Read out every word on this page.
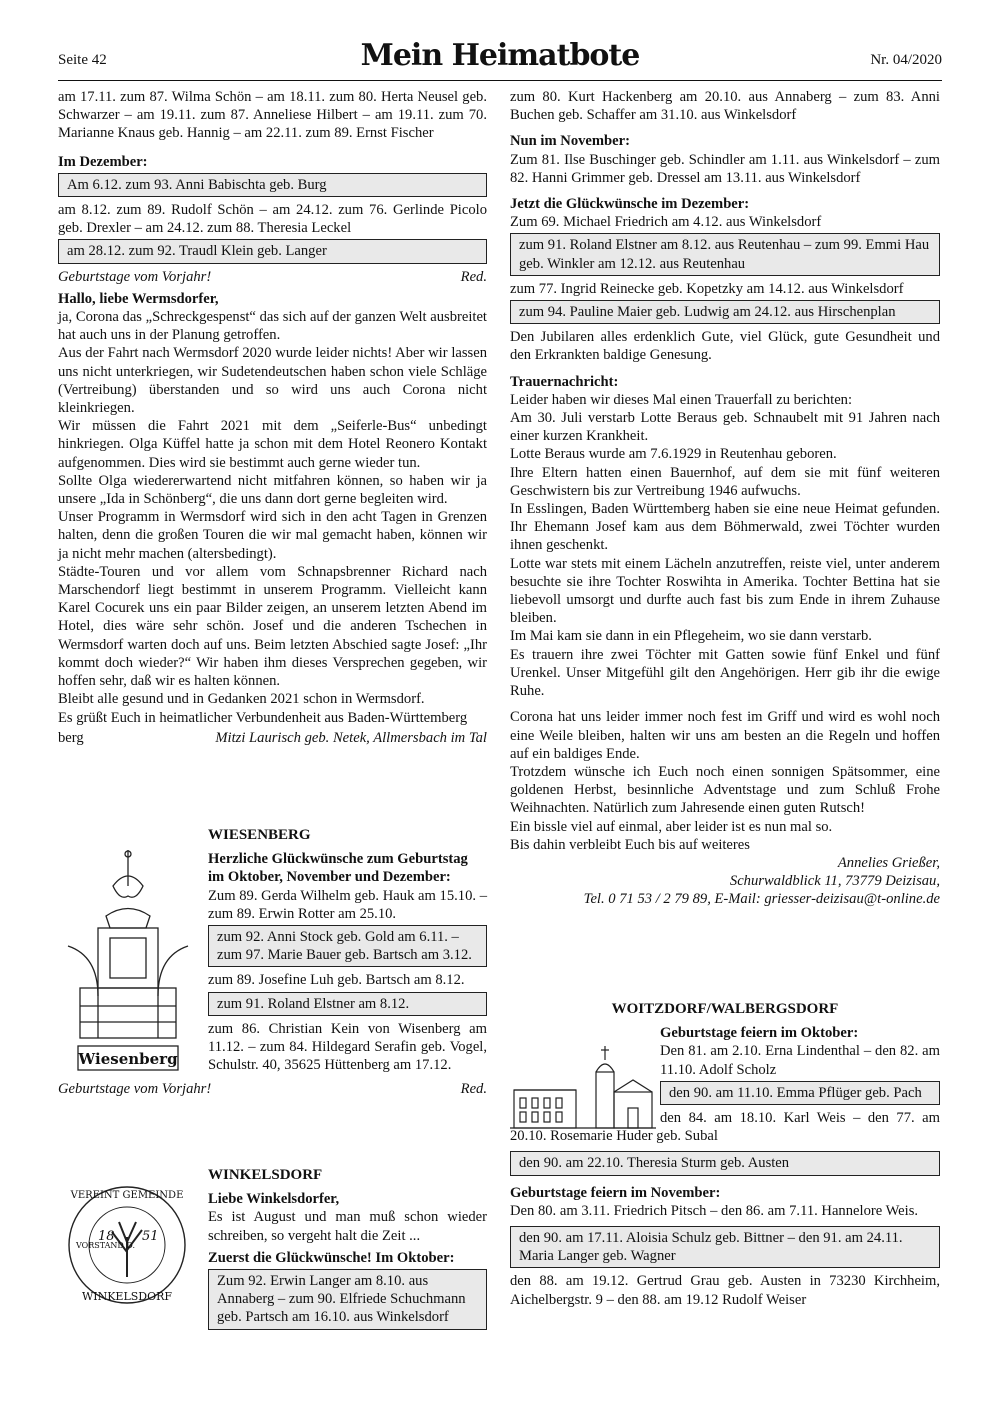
Seite 42	Mein Heimatbote	Nr. 04/2020

am 17.11. zum 87. Wilma Schön – am 18.11. zum 80. Herta Neusel geb. Schwarzer – am 19.11. zum 87. Anneliese Hilbert – am 19.11. zum 70. Marianne Knaus geb. Hannig – am 22.11. zum 89. Ernst Fischer

Im Dezember:

Am 6.12. zum 93. Anni Babischta geb. Burg

am 8.12. zum 89. Rudolf Schön – am 24.12. zum 76. Gerlinde Picolo geb. Drexler – am 24.12. zum 88. Theresia Leckel

am 28.12. zum 92. Traudl Klein geb. Langer
Geburtstage vom Vorjahr!	Red.

Hallo, liebe Wermsdorfer,

ja, Corona das „Schreckgespenst“ das sich auf der ganzen Welt ausbreitet hat auch uns in der Planung getroffen.

Aus der Fahrt nach Wermsdorf 2020 wurde leider nichts! Aber wir lassen uns nicht unterkriegen, wir Sudetendeutschen haben schon viele Schläge (Vertreibung) überstanden und so wird uns auch Corona nicht kleinkriegen.

Wir müssen die Fahrt 2021 mit dem „Seiferle-Bus“ unbedingt hinkriegen. Olga Küffel hatte ja schon mit dem Hotel Reonero Kontakt aufgenommen. Dies wird sie bestimmt auch gerne wieder tun.

Sollte Olga wiedererwartend nicht mitfahren können, so haben wir ja unsere „Ida in Schönberg“, die uns dann dort gerne begleiten wird.

Unser Programm in Wermsdorf wird sich in den acht Tagen in Grenzen halten, denn die großen Touren die wir mal gemacht haben, können wir ja nicht mehr machen (altersbedingt).

Städte-Touren und vor allem vom Schnapsbrenner Richard nach Marschendorf liegt bestimmt in unserem Programm. Vielleicht kann Karel Cocurek uns ein paar Bilder zeigen, an unserem letzten Abend im Hotel, dies wäre sehr schön. Josef und die anderen Tschechen in Wermsdorf warten doch auf uns. Beim letzten Abschied sagte Josef: „Ihr kommt doch wieder?“ Wir haben ihm dieses Versprechen gegeben, wir hoffen sehr, daß wir es halten können.

Bleibt alle gesund und in Gedanken 2021 schon in Wermsdorf.

Es grüßt Euch in heimatlicher Verbundenheit aus Baden-Württemberg

berg	Mitzi Laurisch geb. Netek, Allmersbach im Tal
Wiesenberg

WIESENBERG

Herzliche Glückwünsche zum Geburtstag im Oktober, November und Dezember:

Zum 89. Gerda Wilhelm geb. Hauk am 15.10. – zum 89. Erwin Rotter am 25.10.

zum 92. Anni Stock geb. Gold am 6.11. – zum 97. Marie Bauer geb. Bartsch am 3.12.

zum 89. Josefine Luh geb. Bartsch am 8.12.

zum 91. Roland Elstner am 8.12.

zum 86. Christian Kein von Wisenberg am 11.12. – zum 84. Hildegard Serafin geb. Vogel, Schulstr. 40, 35625 Hüttenberg am 17.12.

Geburtstage vom Vorjahr!	Red.
VEREINT GEMEINDE
WINKELSDORF
VORSTAND D.
18 51

WINKELSDORF

Liebe Winkelsdorfer,

Es ist August und man muß schon wieder schreiben, so vergeht halt die Zeit ...

Zuerst die Glückwünsche! Im Oktober:

Zum 92. Erwin Langer am 8.10. aus Annaberg – zum 90. Elfriede Schuchmann geb. Partsch am 16.10. aus Winkelsdorf

zum 80. Kurt Hackenberg am 20.10. aus Annaberg – zum 83. Anni Buchen geb. Schaffer am 31.10. aus Winkelsdorf

Nun im November:

Zum 81. Ilse Buschinger geb. Schindler am 1.11. aus Winkelsdorf – zum 82. Hanni Grimmer geb. Dressel am 13.11. aus Winkelsdorf

Jetzt die Glückwünsche im Dezember:

Zum 69. Michael Friedrich am 4.12. aus Winkelsdorf

zum 91. Roland Elstner am 8.12. aus Reutenhau – zum 99. Emmi Hau geb. Winkler am 12.12. aus Reutenhau

zum 77. Ingrid Reinecke geb. Kopetzky am 14.12. aus Winkelsdorf

zum 94. Pauline Maier geb. Ludwig am 24.12. aus Hirschenplan

Den Jubilaren alles erdenklich Gute, viel Glück, gute Gesundheit und den Erkrankten baldige Genesung.

Trauernachricht:

Leider haben wir dieses Mal einen Trauerfall zu berichten:

Am 30. Juli verstarb Lotte Beraus geb. Schnaubelt mit 91 Jahren nach einer kurzen Krankheit.

Lotte Beraus wurde am 7.6.1929 in Reutenhau geboren.

Ihre Eltern hatten einen Bauernhof, auf dem sie mit fünf weiteren Geschwistern bis zur Vertreibung 1946 aufwuchs.

In Esslingen, Baden Württemberg haben sie eine neue Heimat gefunden. Ihr Ehemann Josef kam aus dem Böhmerwald, zwei Töchter wurden ihnen geschenkt.

Lotte war stets mit einem Lächeln anzutreffen, reiste viel, unter anderem besuchte sie ihre Tochter Roswihta in Amerika. Tochter Bettina hat sie liebevoll umsorgt und durfte auch fast bis zum Ende in ihrem Zuhause bleiben.

Im Mai kam sie dann in ein Pflegeheim, wo sie dann verstarb.

Es trauern ihre zwei Töchter mit Gatten sowie fünf Enkel und fünf Urenkel. Unser Mitgefühl gilt den Angehörigen. Herr gib ihr die ewige Ruhe.

Corona hat uns leider immer noch fest im Griff und wird es wohl noch eine Weile bleiben, halten wir uns am besten an die Regeln und hoffen auf ein baldiges Ende.

Trotzdem wünsche ich Euch noch einen sonnigen Spätsommer, eine goldenen Herbst, besinnliche Adventstage und zum Schluß Frohe Weihnachten. Natürlich zum Jahresende einen guten Rutsch!

Ein bissle viel auf einmal, aber leider ist es nun mal so.

Bis dahin verbleibt Euch bis auf weiteres

Annelies Grießer,

Schurwaldblick 11, 73779 Deizisau,

Tel. 0 71 53 / 2 79 89, E-Mail: griesser-deizisau@t-online.de

WOITZDORF/WALBERGSDORF

Geburtstage feiern im Oktober:

Den 81. am 2.10. Erna Lindenthal – den 82. am 11.10. Adolf Scholz

den 90. am 11.10. Emma Pflüger geb. Pach

den 84. am 18.10. Karl Weis – den 77. am 20.10. Rosemarie Huder geb. Subal

den 90. am 22.10. Theresia Sturm geb. Austen

Geburtstage feiern im November:

Den 80. am 3.11. Friedrich Pitsch – den 86. am 7.11. Hannelore Weis.

den 90. am 17.11. Aloisia Schulz geb. Bittner – den 91. am 24.11. Maria Langer geb. Wagner

den 88. am 19.12. Gertrud Grau geb. Austen in 73230 Kirchheim, Aichelbergstr. 9 – den 88. am 19.12 Rudolf Weiser
